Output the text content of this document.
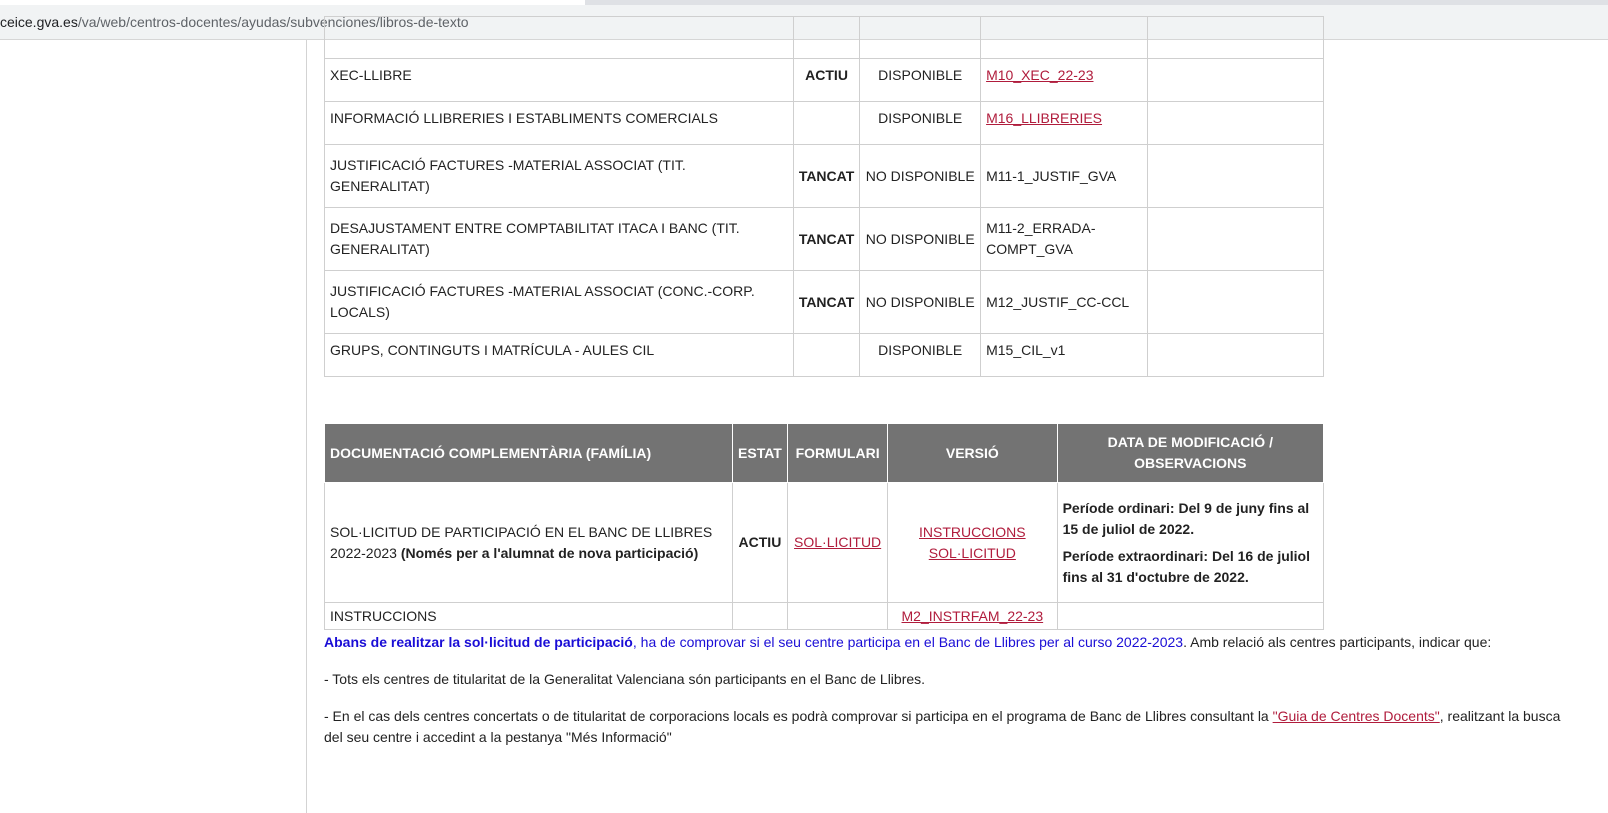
ceice.gva.es/va/web/centros-docentes/ayudas/subvenciones/libros-de-texto

XEC-LLIBRE	ACTIU	DISPONIBLE	M10_XEC_22-23	
INFORMACIÓ LLIBRERIES I ESTABLIMENTS COMERCIALS		DISPONIBLE	M16_LLIBRERIES	
JUSTIFICACIÓ FACTURES -MATERIAL ASSOCIAT (TIT. GENERALITAT)	TANCAT	NO DISPONIBLE	M11-1_JUSTIF_GVA	
DESAJUSTAMENT ENTRE COMPTABILITAT ITACA I BANC (TIT. GENERALITAT)	TANCAT	NO DISPONIBLE	M11-2_ERRADA-COMPT_GVA	
JUSTIFICACIÓ FACTURES -MATERIAL ASSOCIAT (CONC.-CORP. LOCALS)	TANCAT	NO DISPONIBLE	M12_JUSTIF_CC-CCL	
GRUPS, CONTINGUTS I MATRÍCULA - AULES CIL		DISPONIBLE	M15_CIL_v1	
DOCUMENTACIÓ COMPLEMENTÀRIA (FAMÍLIA)	ESTAT	FORMULARI	VERSIÓ	DATA DE MODIFICACIÓ / OBSERVACIONS
SOL·LICITUD DE PARTICIPACIÓ EN EL BANC DE LLIBRES 2022-2023 (Només per a l'alumnat de nova participació)	ACTIU	SOL·LICITUD	INSTRUCCIONS SOL·LICITUD	Període ordinari: Del 9 de juny fins al 15 de juliol de 2022.

Període extraordinari: Del 16 de juliol fins al 31 d'octubre de 2022.

INSTRUCCIONS			M2_INSTRFAM_22-23	

Abans de realitzar la sol·licitud de participació, ha de comprovar si el seu centre participa en el Banc de Llibres per al curso 2022-2023. Amb relació als centres participants, indicar que:

- Tots els centres de titularitat de la Generalitat Valenciana són participants en el Banc de Llibres.

- En el cas dels centres concertats o de titularitat de corporacions locals es podrà comprovar si participa en el programa de Banc de Llibres consultant la "Guia de Centres Docents", realitzant la busca del seu centre i accedint a la pestanya "Més Informació"
